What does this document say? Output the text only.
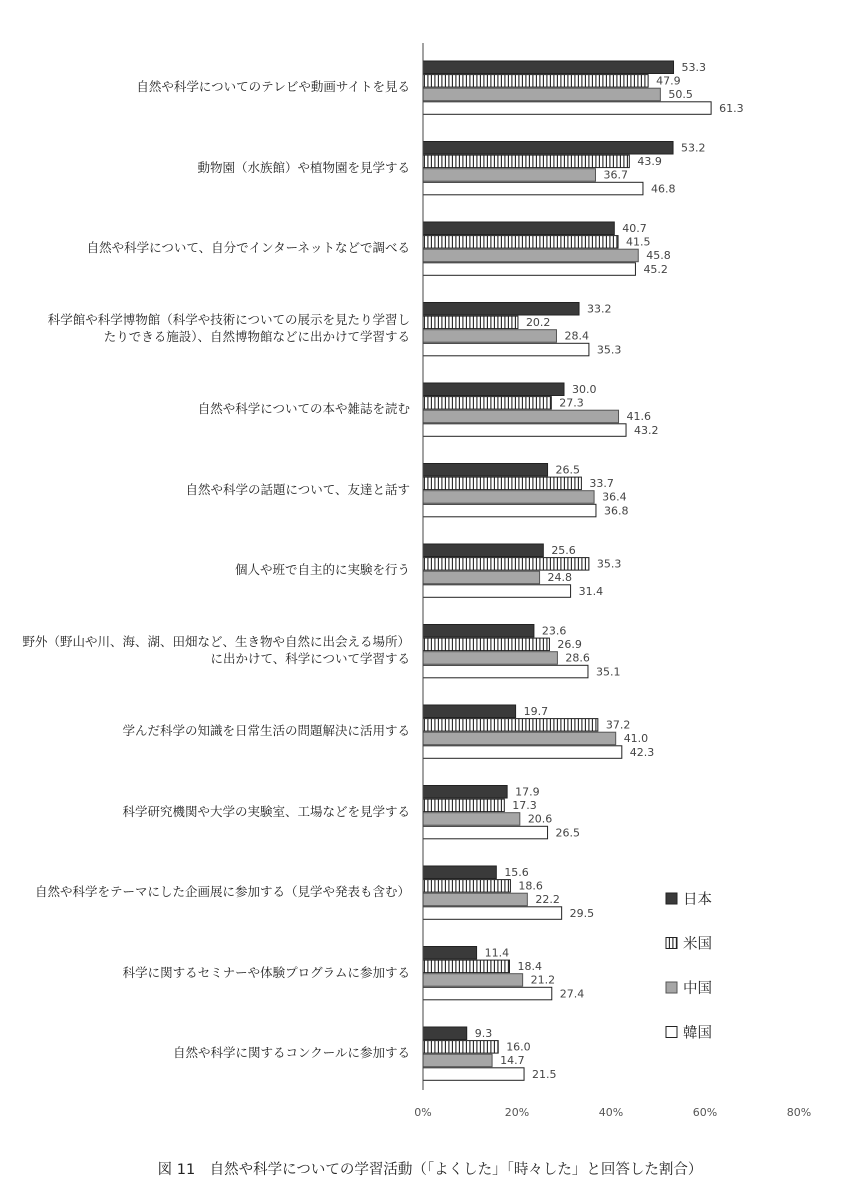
53.3
47.9
50.5
61.3
53.2
43.9
36.7
46.8
40.7
41.5
45.8
45.2
33.2
20.2
28.4
35.3
30.0
27.3
41.6
43.2
26.5
33.7
36.4
36.8
25.6
35.3
24.8
31.4
23.6
26.9
28.6
35.1
19.7
37.2
41.0
42.3
17.9
17.3
20.6
26.5
15.6
18.6
22.2
29.5
11.4
18.4
21.2
27.4
9.3
16.0
14.7
21.5
0%	20%	40%	60%	80%
日本
米国
中国
韓国
自然や科学についてのテレビや動画サイトを見る
動物園（水族館）や植物園を見学する
自然や科学について、自分でインターネットなどで調べる
科学館や科学博物館（科学や技術についての展示を見たり学習し
たりできる施設）、自然博物館などに出かけて学習する
自然や科学についての本や雑誌を読む
自然や科学の話題について、友達と話す
個人や班で自主的に実験を行う
野外（野山や川、海、湖、田畑など、生き物や自然に出会える場所）
に出かけて、科学について学習する
学んだ科学の知識を日常生活の問題解決に活用する
科学研究機関や大学の実験室、工場などを見学する
自然や科学をテーマにした企画展に参加する（見学や発表も含む）
科学に関するセミナーや体験プログラムに参加する
自然や科学に関するコンクールに参加する
図 11　自然や科学についての学習活動（「よくした」「時々した」と回答した割合）
